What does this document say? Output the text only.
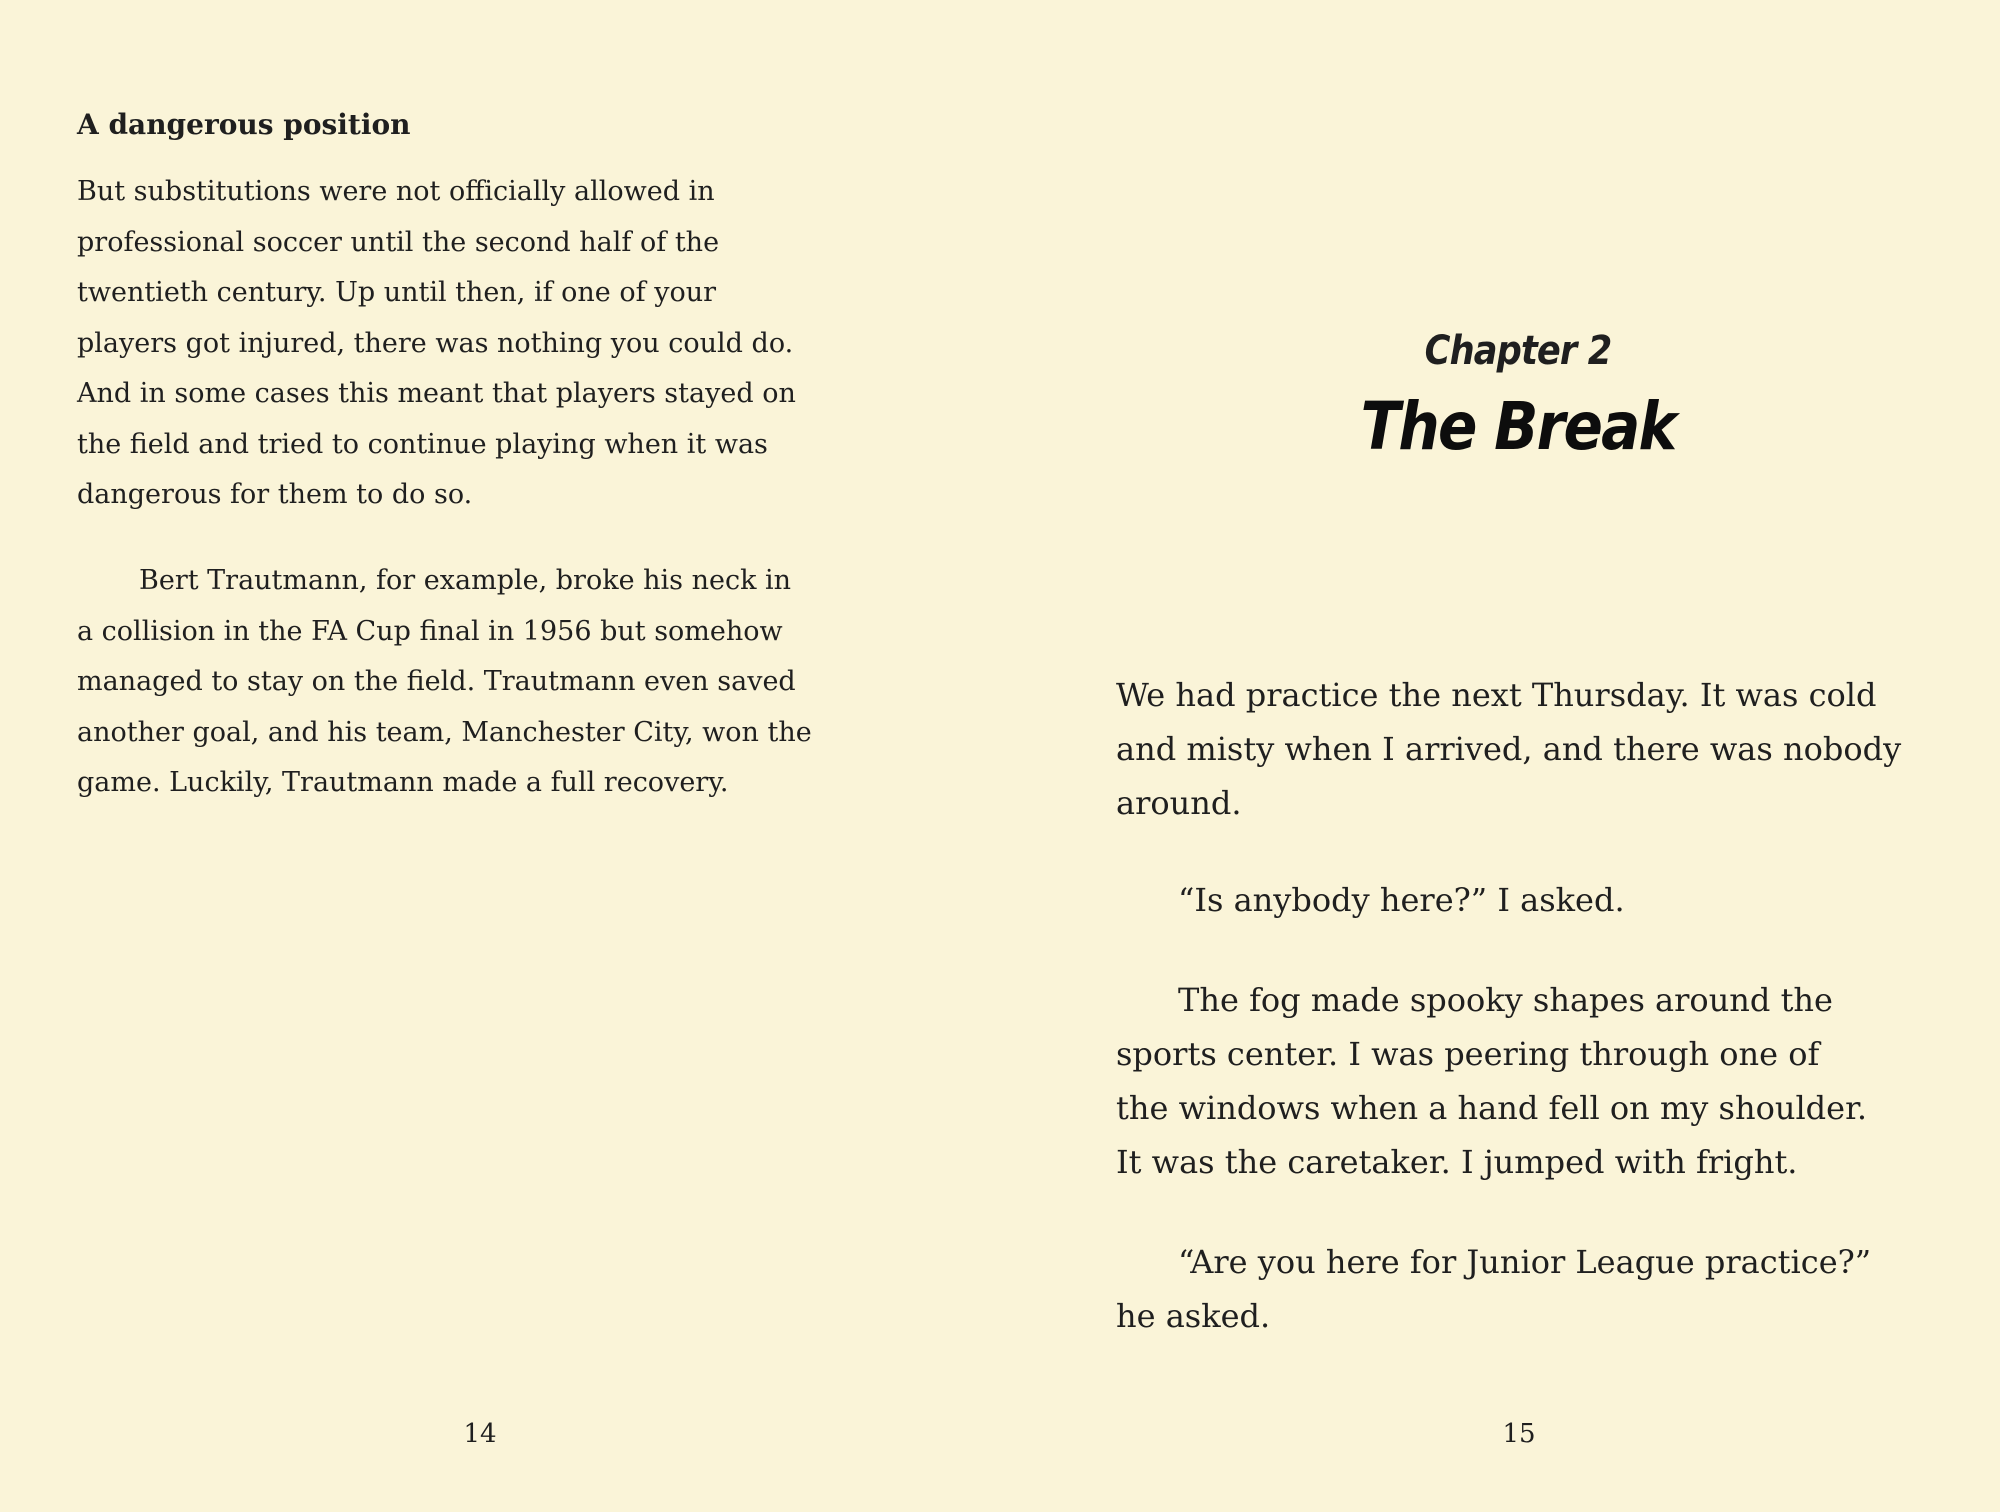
A dangerous position

But substitutions were not officially allowed in
professional soccer until the second half of the
twentieth century. Up until then, if one of your
players got injured, there was nothing you could do.
And in some cases this meant that players stayed on
the field and tried to continue playing when it was
dangerous for them to do so.

Bert Trautmann, for example, broke his neck in
a collision in the FA Cup final in 1956 but somehow
managed to stay on the field. Trautmann even saved
another goal, and his team, Manchester City, won the
game. Luckily, Trautmann made a full recovery.

14

Chapter 2
The Break

We had practice the next Thursday. It was cold
and misty when I arrived, and there was nobody
around.

“Is anybody here?” I asked.

The fog made spooky shapes around the
sports center. I was peering through one of
the windows when a hand fell on my shoulder.
It was the caretaker. I jumped with fright.

“Are you here for Junior League practice?”
he asked.

15
